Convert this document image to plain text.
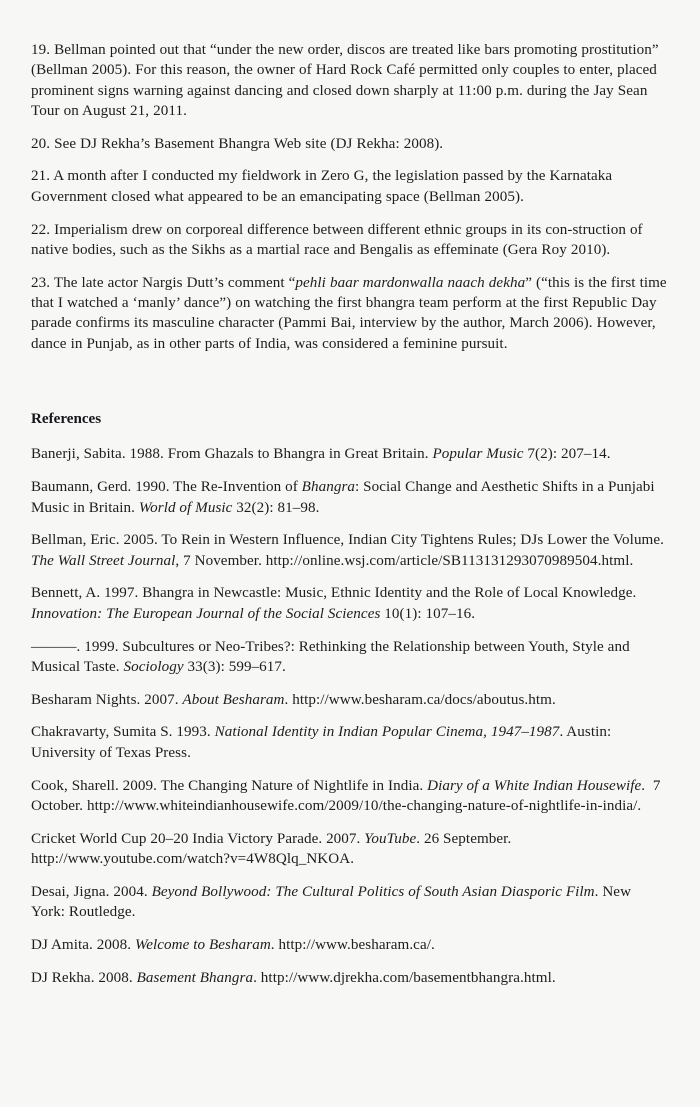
19. Bellman pointed out that “under the new order, discos are treated like bars promoting prostitution” (Bellman 2005). For this reason, the owner of Hard Rock Café permitted only couples to enter, placed prominent signs warning against dancing and closed down sharply at 11:00 p.m. during the Jay Sean Tour on August 21, 2011.

20. See DJ Rekha’s Basement Bhangra Web site (DJ Rekha: 2008).

21. A month after I conducted my fieldwork in Zero G, the legislation passed by the Karnataka Government closed what appeared to be an emancipating space (Bellman 2005).

22. Imperialism drew on corporeal difference between different ethnic groups in its con-struction of native bodies, such as the Sikhs as a martial race and Bengalis as effeminate (Gera Roy 2010).

23. The late actor Nargis Dutt’s comment “pehli baar mardonwalla naach dekha” (“this is the first time that I watched a ‘manly’ dance”) on watching the first bhangra team perform at the first Republic Day parade confirms its masculine character (Pammi Bai, interview by the author, March 2006). However, dance in Punjab, as in other parts of India, was considered a feminine pursuit.

References

Banerji, Sabita. 1988. From Ghazals to Bhangra in Great Britain. Popular Music 7(2): 207–14.

Baumann, Gerd. 1990. The Re-Invention of Bhangra: Social Change and Aesthetic Shifts in a Punjabi Music in Britain. World of Music 32(2): 81–98.

Bellman, Eric. 2005. To Rein in Western Influence, Indian City Tightens Rules; DJs Lower the Volume. The Wall Street Journal, 7 November. http://online.wsj.com/article/SB113131293070989504.html.

Bennett, A. 1997. Bhangra in Newcastle: Music, Ethnic Identity and the Role of Local Knowledge. Innovation: The European Journal of the Social Sciences 10(1): 107–16.

———. 1999. Subcultures or Neo-Tribes?: Rethinking the Relationship between Youth, Style and Musical Taste. Sociology 33(3): 599–617.

Besharam Nights. 2007. About Besharam. http://www.besharam.ca/docs/aboutus.htm.

Chakravarty, Sumita S. 1993. National Identity in Indian Popular Cinema, 1947–1987. Austin: University of Texas Press.

Cook, Sharell. 2009. The Changing Nature of Nightlife in India. Diary of a White Indian Housewife.  7 October. http://www.whiteindianhousewife.com/2009/10/the-changing-nature-of-nightlife-in-india/.

Cricket World Cup 20–20 India Victory Parade. 2007. YouTube. 26 September. http://www.youtube.com/watch?v=4W8Qlq_NKOA.

Desai, Jigna. 2004. Beyond Bollywood: The Cultural Politics of South Asian Diasporic Film. New York: Routledge.

DJ Amita. 2008. Welcome to Besharam. http://www.besharam.ca/.

DJ Rekha. 2008. Basement Bhangra. http://www.djrekha.com/basementbhangra.html.
